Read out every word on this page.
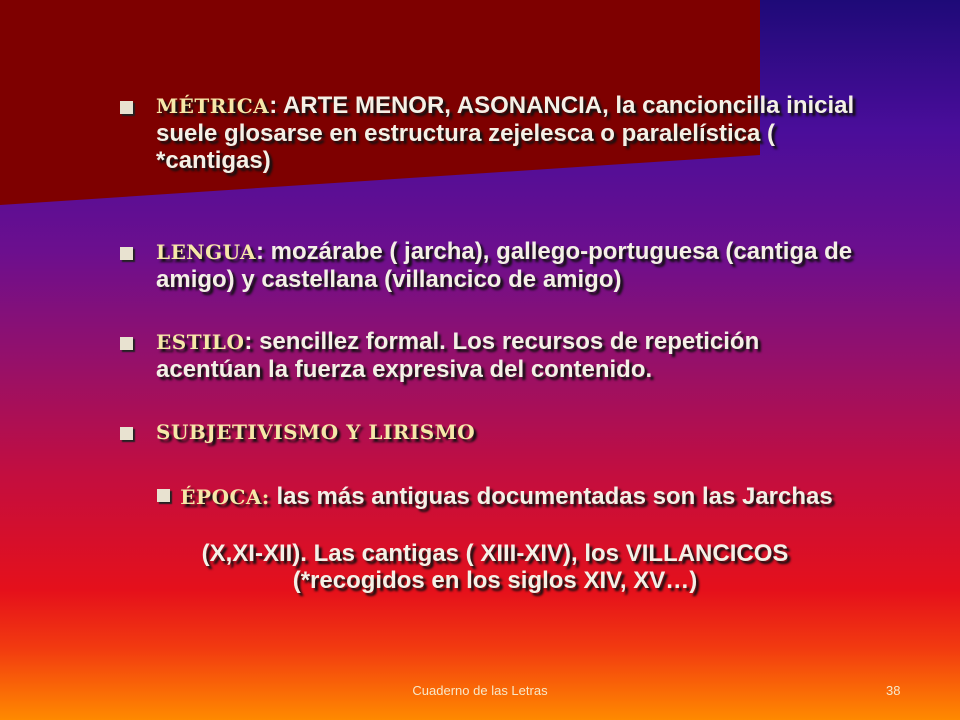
MÉTRICA: ARTE MENOR, ASONANCIA, la cancioncilla inicial suele glosarse en estructura zejelesca o paralelística ( *cantigas)
LENGUA: mozárabe ( jarcha), gallego-portuguesa (cantiga de amigo) y castellana (villancico de amigo)
ESTILO: sencillez formal. Los recursos de repetición acentúan la fuerza expresiva del contenido.
SUBJETIVISMO Y LIRISMO
ÉPOCA: las más antiguas documentadas son las Jarchas
(X,XI-XII). Las cantigas ( XIII-XIV), los VILLANCICOS (*recogidos en los siglos XIV, XV…)
Cuaderno de las Letras	38
